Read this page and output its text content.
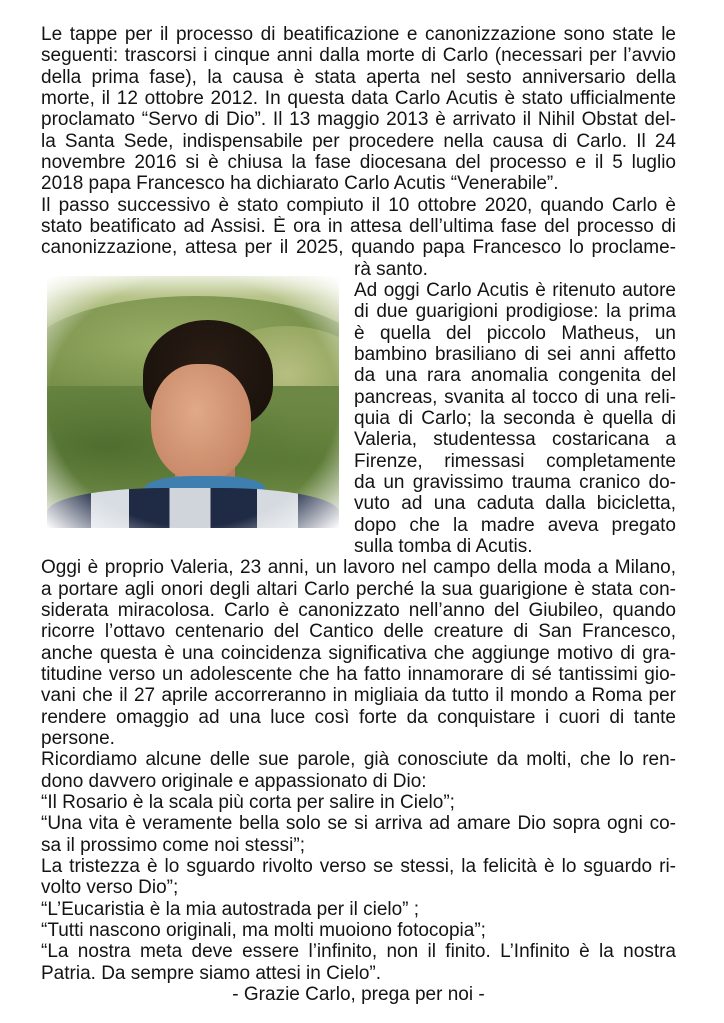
Le tappe per il processo di beatificazione e canonizzazione sono state le
seguenti: trascorsi i cinque anni dalla morte di Carlo (necessari per l’avvio
della prima fase), la causa è stata aperta nel sesto anniversario della
morte, il 12 ottobre 2012. In questa data Carlo Acutis è stato ufficialmente
proclamato “Servo di Dio”. Il 13 maggio 2013 è arrivato il Nihil Obstat del-
la Santa Sede, indispensabile per procedere nella causa di Carlo. Il 24
novembre 2016 si è chiusa la fase diocesana del processo e il 5 luglio
2018 papa Francesco ha dichiarato Carlo Acutis “Venerabile”.
Il passo successivo è stato compiuto il 10 ottobre 2020, quando Carlo è
stato beatificato ad Assisi. È ora in attesa dell’ultima fase del processo di
canonizzazione, attesa per il 2025, quando papa Francesco lo proclame-
rà santo.
Ad oggi Carlo Acutis è ritenuto autore
di due guarigioni prodigiose: la prima
è quella del piccolo Matheus, un
bambino brasiliano di sei anni affetto
da una rara anomalia congenita del
pancreas, svanita al tocco di una reli-
quia di Carlo; la seconda è quella di
Valeria, studentessa costaricana a
Firenze, rimessasi completamente
da un gravissimo trauma cranico do-
vuto ad una caduta dalla bicicletta,
dopo che la madre aveva pregato
sulla tomba di Acutis.
Oggi è proprio Valeria, 23 anni, un lavoro nel campo della moda a Milano,
a portare agli onori degli altari Carlo perché la sua guarigione è stata con-
siderata miracolosa. Carlo è canonizzato nell’anno del Giubileo, quando
ricorre l’ottavo centenario del Cantico delle creature di San Francesco,
anche questa è una coincidenza significativa che aggiunge motivo di gra-
titudine verso un adolescente che ha fatto innamorare di sé tantissimi gio-
vani che il 27 aprile accorreranno in migliaia da tutto il mondo a Roma per
rendere omaggio ad una luce così forte da conquistare i cuori di tante
persone.
Ricordiamo alcune delle sue parole, già conosciute da molti, che lo ren-
dono davvero originale e appassionato di Dio:
“Il Rosario è la scala più corta per salire in Cielo”;
“Una vita è veramente bella solo se si arriva ad amare Dio sopra ogni co-
sa il prossimo come noi stessi”;
La tristezza è lo sguardo rivolto verso se stessi, la felicità è lo sguardo ri-
volto verso Dio”;
“L’Eucaristia è la mia autostrada per il cielo” ;
“Tutti nascono originali, ma molti muoiono fotocopia”;
“La nostra meta deve essere l’infinito, non il finito. L’Infinito è la nostra
Patria. Da sempre siamo attesi in Cielo”.
- Grazie Carlo, prega per noi -
